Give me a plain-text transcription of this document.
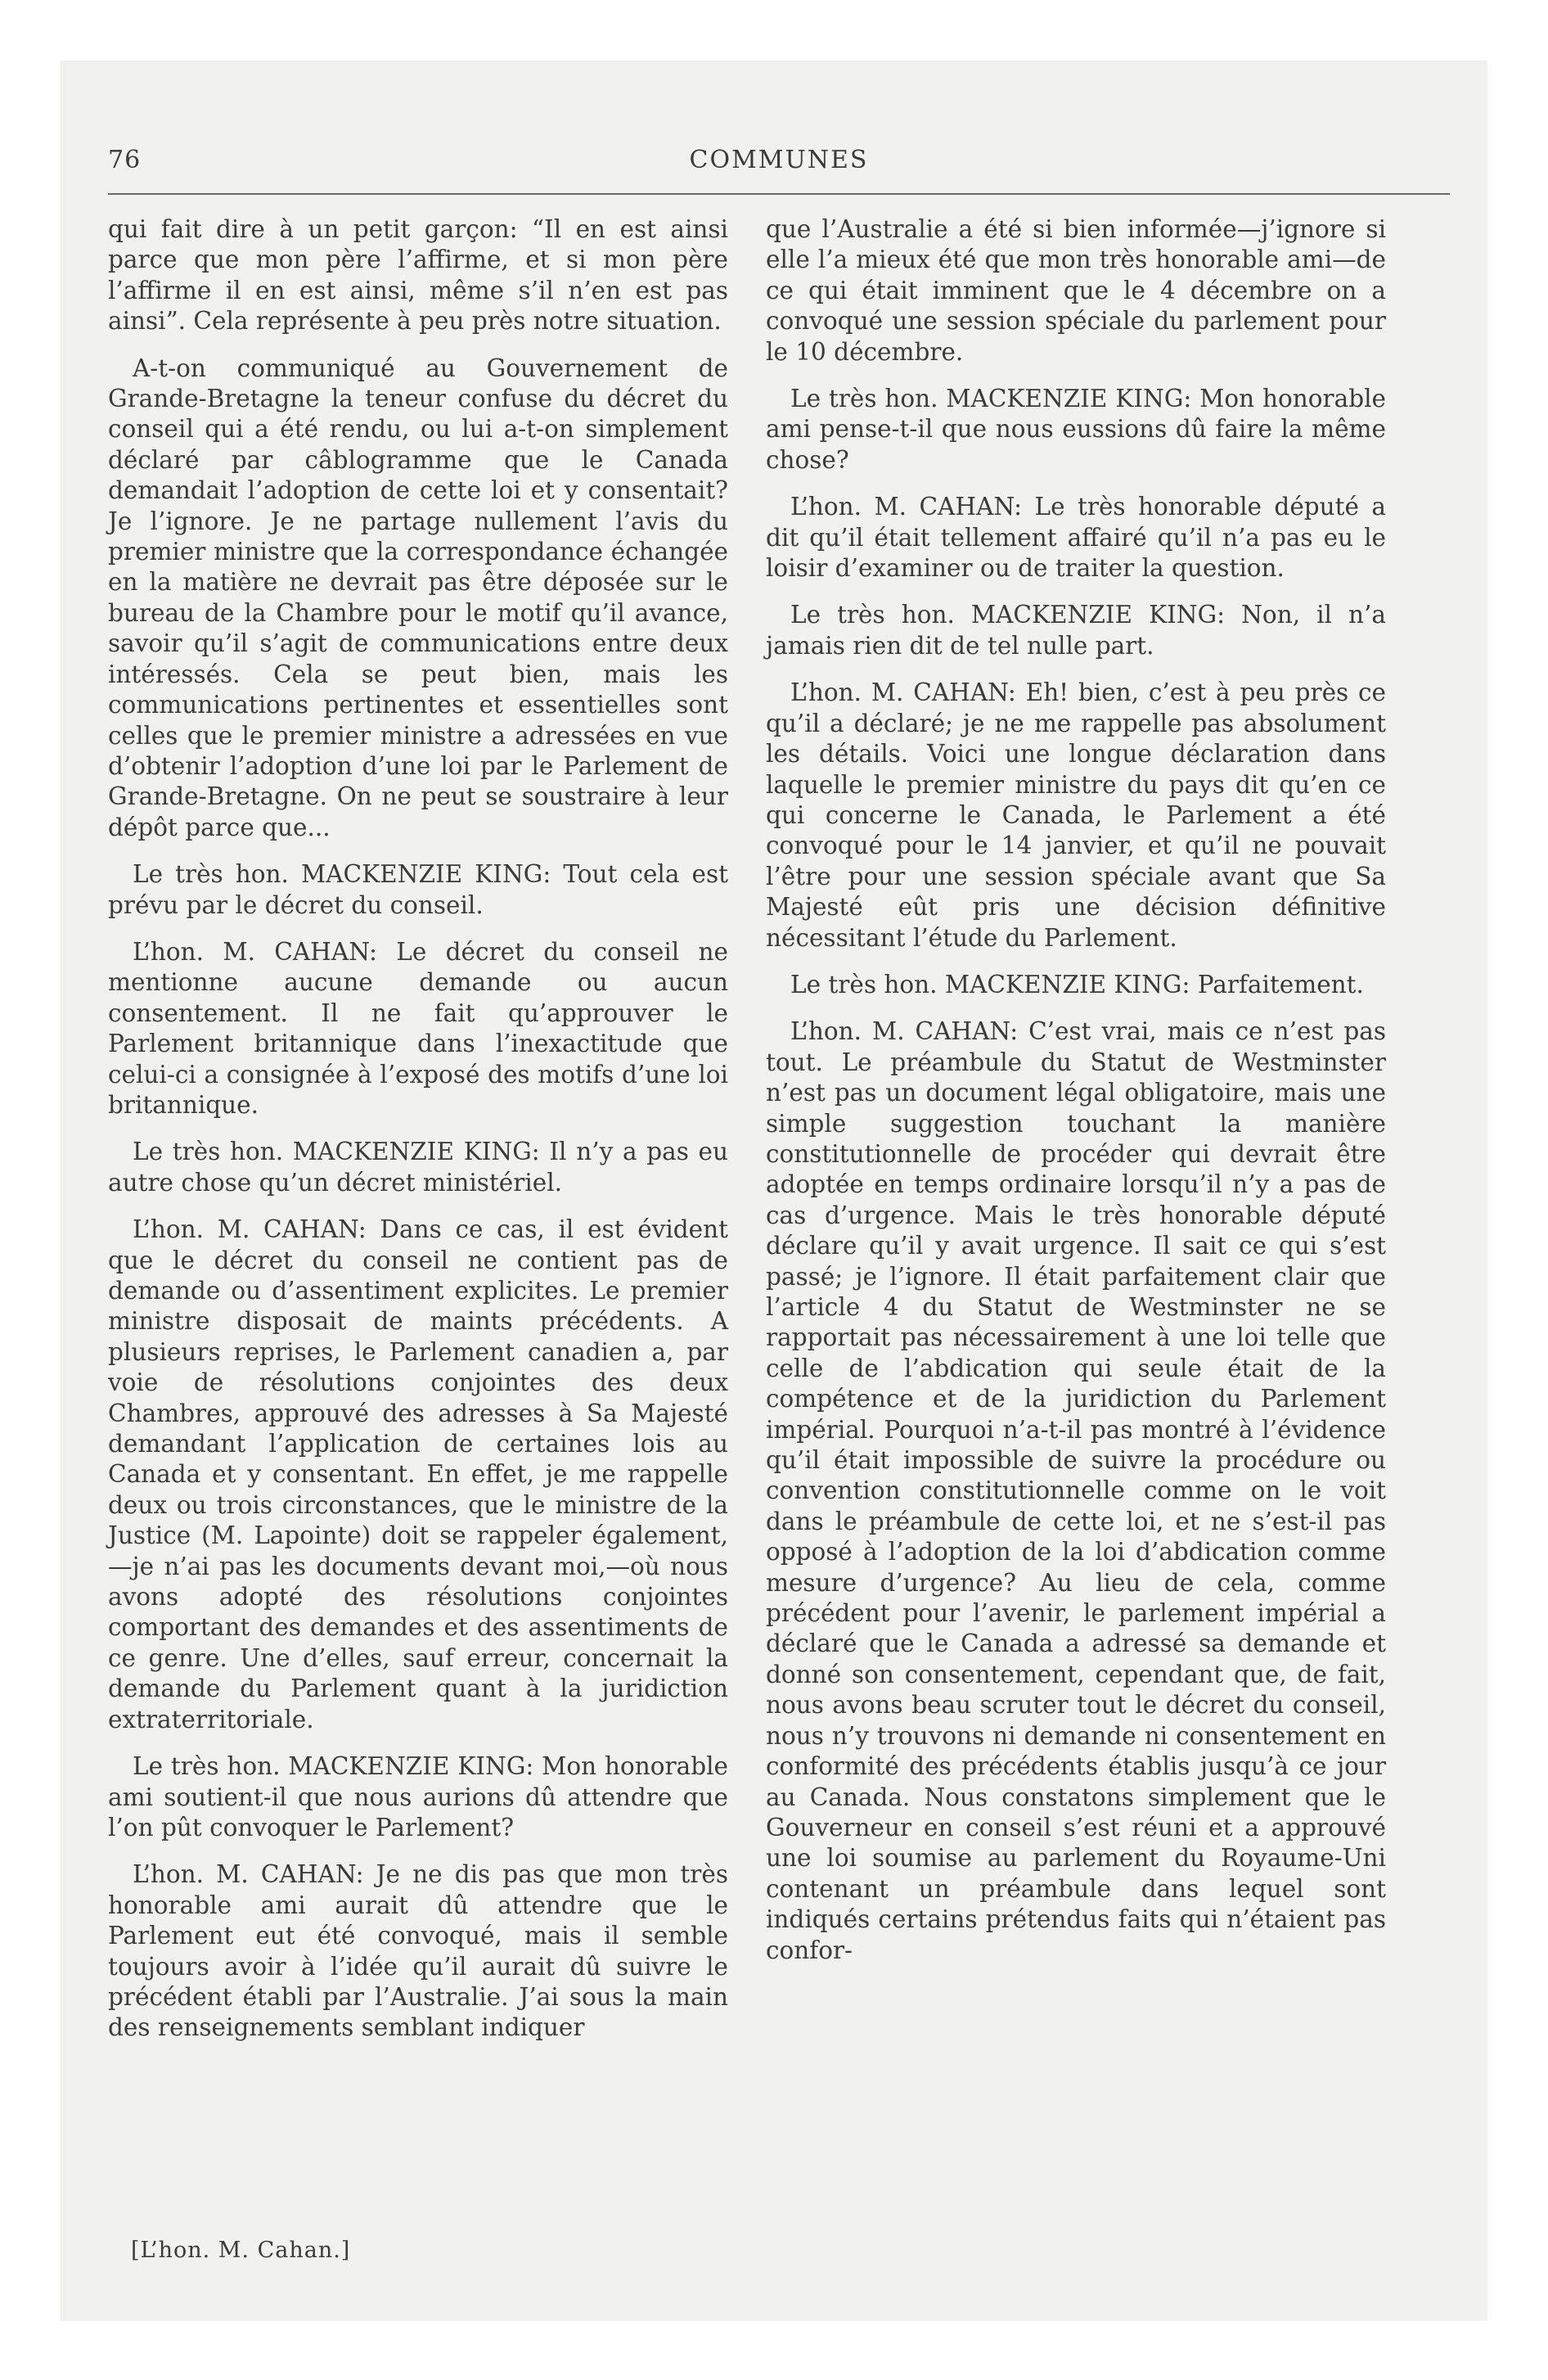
76	COMMUNES

qui fait dire à un petit garçon: “Il en est ainsi parce que mon père l’affirme, et si mon père l’affirme il en est ainsi, même s’il n’en est pas ainsi”. Cela représente à peu près notre situation.

A-t-on communiqué au Gouvernement de Grande-Bretagne la teneur confuse du décret du conseil qui a été rendu, ou lui a-t-on simplement déclaré par câblogramme que le Canada demandait l’adoption de cette loi et y consentait? Je l’ignore. Je ne partage nullement l’avis du premier ministre que la correspondance échangée en la matière ne devrait pas être déposée sur le bureau de la Chambre pour le motif qu’il avance, savoir qu’il s’agit de communications entre deux intéressés. Cela se peut bien, mais les communications pertinentes et essentielles sont celles que le premier ministre a adressées en vue d’obtenir l’adoption d’une loi par le Parlement de Grande-Bretagne. On ne peut se soustraire à leur dépôt parce que...

Le très hon. MACKENZIE KING: Tout cela est prévu par le décret du conseil.

L’hon. M. CAHAN: Le décret du conseil ne mentionne aucune demande ou aucun consentement. Il ne fait qu’approuver le Parlement britannique dans l’inexactitude que celui-ci a consignée à l’exposé des motifs d’une loi britannique.

Le très hon. MACKENZIE KING: Il n’y a pas eu autre chose qu’un décret ministériel.

L’hon. M. CAHAN: Dans ce cas, il est évident que le décret du conseil ne contient pas de demande ou d’assentiment explicites. Le premier ministre disposait de maints précédents. A plusieurs reprises, le Parlement canadien a, par voie de résolutions conjointes des deux Chambres, approuvé des adresses à Sa Majesté demandant l’application de certaines lois au Canada et y consentant. En effet, je me rappelle deux ou trois circonstances, que le ministre de la Justice (M. Lapointe) doit se rappeler également,—je n’ai pas les documents devant moi,—où nous avons adopté des résolutions conjointes comportant des demandes et des assentiments de ce genre. Une d’elles, sauf erreur, concernait la demande du Parlement quant à la juridiction extraterritoriale.

Le très hon. MACKENZIE KING: Mon honorable ami soutient-il que nous aurions dû attendre que l’on pût convoquer le Parlement?

L’hon. M. CAHAN: Je ne dis pas que mon très honorable ami aurait dû attendre que le Parlement eut été convoqué, mais il semble toujours avoir à l’idée qu’il aurait dû suivre le précédent établi par l’Australie. J’ai sous la main des renseignements semblant indiquer

que l’Australie a été si bien informée—j’ignore si elle l’a mieux été que mon très honorable ami—de ce qui était imminent que le 4 décembre on a convoqué une session spéciale du parlement pour le 10 décembre.

Le très hon. MACKENZIE KING: Mon honorable ami pense-t-il que nous eussions dû faire la même chose?

L’hon. M. CAHAN: Le très honorable député a dit qu’il était tellement affairé qu’il n’a pas eu le loisir d’examiner ou de traiter la question.

Le très hon. MACKENZIE KING: Non, il n’a jamais rien dit de tel nulle part.

L’hon. M. CAHAN: Eh! bien, c’est à peu près ce qu’il a déclaré; je ne me rappelle pas absolument les détails. Voici une longue déclaration dans laquelle le premier ministre du pays dit qu’en ce qui concerne le Canada, le Parlement a été convoqué pour le 14 janvier, et qu’il ne pouvait l’être pour une session spéciale avant que Sa Majesté eût pris une décision définitive nécessitant l’étude du Parlement.

Le très hon. MACKENZIE KING: Parfaitement.

L’hon. M. CAHAN: C’est vrai, mais ce n’est pas tout. Le préambule du Statut de Westminster n’est pas un document légal obligatoire, mais une simple suggestion touchant la manière constitutionnelle de procéder qui devrait être adoptée en temps ordinaire lorsqu’il n’y a pas de cas d’urgence. Mais le très honorable député déclare qu’il y avait urgence. Il sait ce qui s’est passé; je l’ignore. Il était parfaitement clair que l’article 4 du Statut de Westminster ne se rapportait pas nécessairement à une loi telle que celle de l’abdication qui seule était de la compétence et de la juridiction du Parlement impérial. Pourquoi n’a-t-il pas montré à l’évidence qu’il était impossible de suivre la procédure ou convention constitutionnelle comme on le voit dans le préambule de cette loi, et ne s’est-il pas opposé à l’adoption de la loi d’abdication comme mesure d’urgence? Au lieu de cela, comme précédent pour l’avenir, le parlement impérial a déclaré que le Canada a adressé sa demande et donné son consentement, cependant que, de fait, nous avons beau scruter tout le décret du conseil, nous n’y trouvons ni demande ni consentement en conformité des précédents établis jusqu’à ce jour au Canada. Nous constatons simplement que le Gouverneur en conseil s’est réuni et a approuvé une loi soumise au parlement du Royaume-Uni contenant un préambule dans lequel sont indiqués certains prétendus faits qui n’étaient pas confor-

[L’hon. M. Cahan.]
